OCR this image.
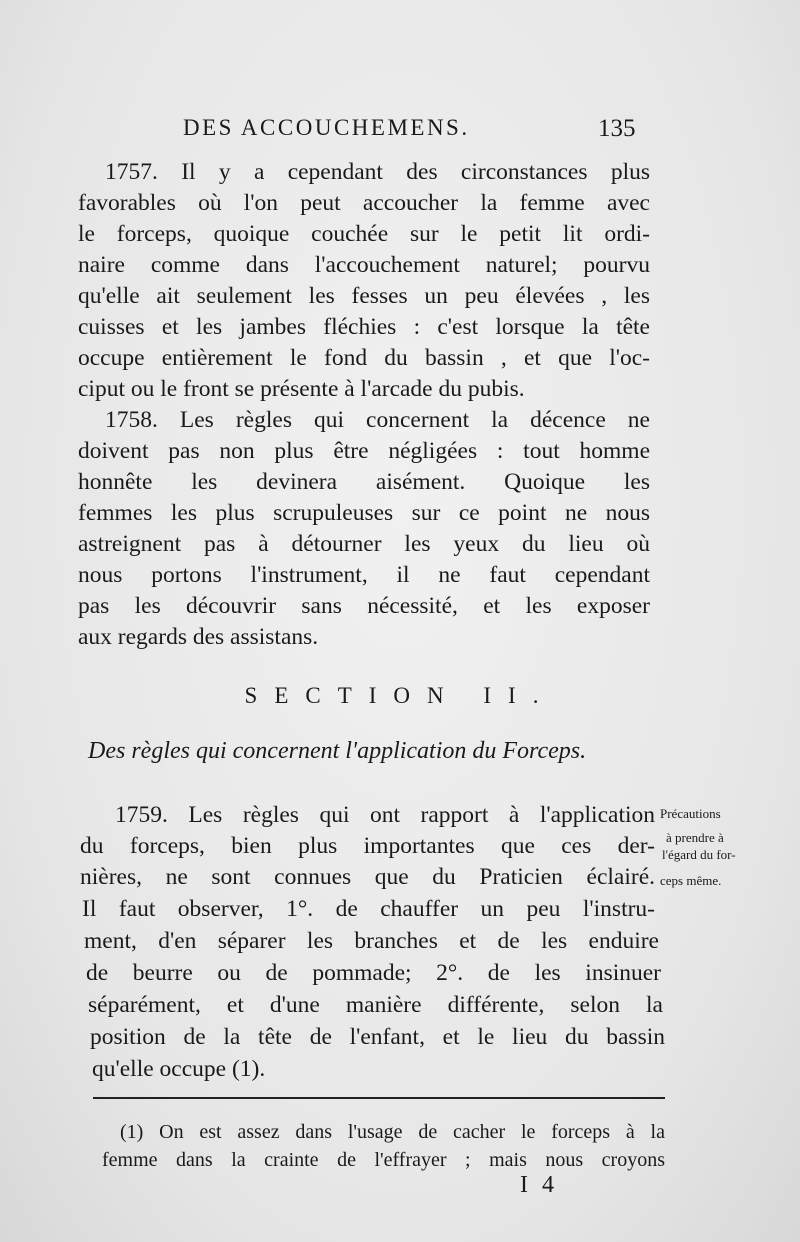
DES ACCOUCHEMENS.	135
1757. Il y a cependant des circonstances plus
favorables où l'on peut accoucher la femme avec
le forceps, quoique couchée sur le petit lit ordi-
naire comme dans l'accouchement naturel; pourvu
qu'elle ait seulement les fesses un peu élevées , les
cuisses et les jambes fléchies : c'est lorsque la tête
occupe entièrement le fond du bassin , et que l'oc-
ciput ou le front se présente à l'arcade du pubis.
1758. Les règles qui concernent la décence ne
doivent pas non plus être négligées : tout homme
honnête les devinera aisément. Quoique les
femmes les plus scrupuleuses sur ce point ne nous
astreignent pas à détourner les yeux du lieu où
nous portons l'instrument, il ne faut cependant
pas les découvrir sans nécessité, et les exposer
aux regards des assistans.
SECTION II.
Des règles qui concernent l'application du Forceps.
1759. Les règles qui ont rapport à l'application
du forceps, bien plus importantes que ces der-
nières, ne sont connues que du Praticien éclairé.
Il faut observer, 1°. de chauffer un peu l'instru-
ment, d'en séparer les branches et de les enduire
de beurre ou de pommade; 2°. de les insinuer
séparément, et d'une manière différente, selon la
position de la tête de l'enfant, et le lieu du bassin
qu'elle occupe (1).
Précautions
à prendre à
l'égard du for-
ceps même.
(1) On est assez dans l'usage de cacher le forceps à la
femme dans la crainte de l'effrayer ; mais nous croyons
I 4
